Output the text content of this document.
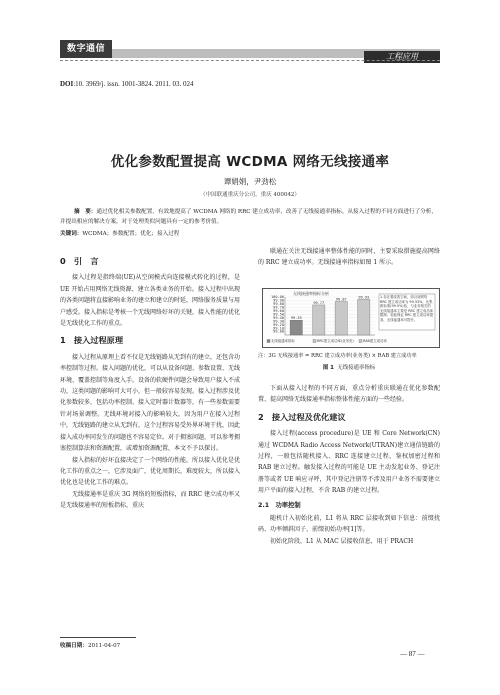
数字通信
工程应用
DOI:10. 3969/j. issn. 1001-3824. 2011. 03. 024
优化参数配置提高 WCDMA 网络无线接通率
谭娟娟，尹劲松
（中国联通重庆分公司，重庆 400042）
摘　要：通过优化相关参数配置，有效地提高了 WCDMA 网络的 RRC 建立成功率，改善了无线接通率指标。从接入过程的不同方面进行了分析，并提出相应的解决方案，对于处理类似问题具有一定的参考价值。
关键词：WCDMA；参数配置；优化；接入过程
0　引　言

接入过程是指终端(UE)从空闲模式向连接模式转化的过程，是 UE 开始占用网络无线资源、建立各类业务的开始。接入过程中出现的各类问题将直接影响业务的建立和建立的时延，网络服务质量与用户感受。接入指标是考核一个无线网络好坏的关键，接入性能的优化是无线优化工作的重点。

1　接入过程原理

接入过程从原理上看不仅是无线链路从无到有的建立，还包含功率控制等过程。接入问题的优化，可以从设备问题、参数设置、无线环境、覆盖控制等角度入手。设备的软硬件问题会导致用户接入不成功，这类问题的影响可大可小，但一般较容易发现。接入过程涉及优化参数较多，包括功率控制、接入定时器计数器等，有一些参数需要针对场景调整。无线环境对接入的影响较大，因为用户在接入过程中，无线链路的建立从无到有，这个过程容易受外界环境干扰，因此接入成功率同发生的问题也不容易定位。对于拥塞问题，可以参考拥塞控制算法和资源配置，或增加资源配置，本文不予以探讨。

接入指标的好坏直接决定了一个网络的性能，所以接入优化是优化工作的重点之一，它涉及面广，优化周期长，难度较大，所以接入优化也是优化工作的难点。

无线接通率是重庆 3G 网络的短板指标，而 RRC 建立成功率又是无线接通率的短板指标，重庆

联通在关注无线接通率整体性能的同时，主要采取措施提高网络的 RRC 建立成功率。无线接通率指标如图 1 所示。

无线接通率指标分析
99.00
99.10
99.20
99.30
99.40
99.50
99.60
99.70
99.80
99.90
100.00
99.33
99.77
99.87
99.93	1.存在着改善空间，如目前网络 RRC 建立成功率为 99.33%，比集团标准(99.5%)低，与业务相关的无线接通率主要是 RRC 建立成功率限制；若能保证 RRC 建立成功率提高，无线接通率可提升。
无线接通率指标	RRC建立成功率(业务类)	RAB建立成功率
注：3G 无线接通率 = RRC 建立成功率(业务类) × RAB 建立成功率
图 1 无线接通率指标

下面从接入过程的不同方面，重点分析重庆联通在优化参数配置、提高网络无线接通率指标整体性能方面的一些经验。

2　接入过程及优化建议

接入过程(access procedure)是 UE 和 Core Network(CN)通过 WCDMA Radio Access Network(UTRAN)建立通信链路的过程，一般包括随机接入、RRC 连接建立过程，鉴权加密过程和 RAB 建立过程。触发接入过程的可能是 UE 主动发起业务、登记注册等或者 UE 响应寻呼，其中登记注册等不涉及用户业务不需要建立用户平面的接入过程，不含 RAB 的建立过程。

2.1　功率控制

随机计入初始化前，L1 将从 RRC 层接收到如下信息：前缀扰码、功率倾斜因子、前缀初始功率[1]等。

初始化阶段，L1 从 MAC 层接收信息，用于 PRACH

收稿日期：2011-04-07
— 87 —
